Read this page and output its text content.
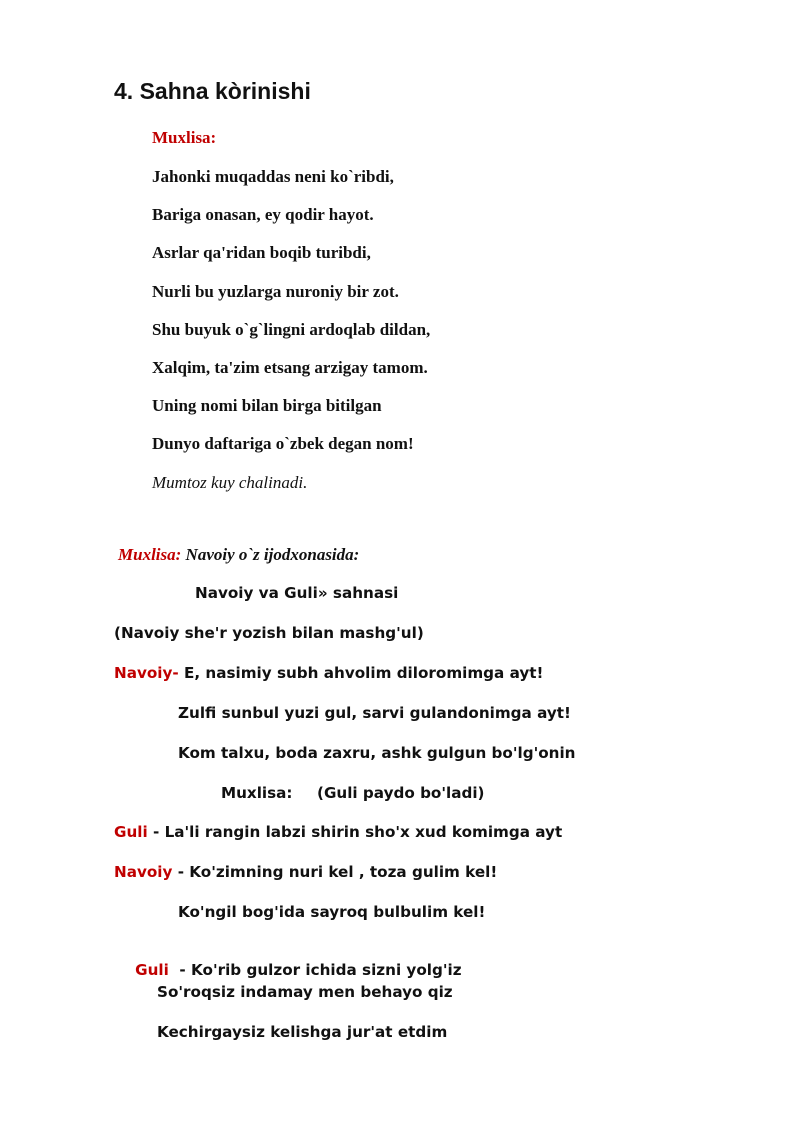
4. Sahna kòrinishi
Muxlisa:
Jahonki muqaddas neni ko`ribdi,
Bariga onasan, ey qodir hayot.
Asrlar qa'ridan boqib turibdi,
Nurli bu yuzlarga nuroniy bir zot.
Shu buyuk o`g`lingni ardoqlab dildan,
Xalqim, ta'zim etsang arzigay tamom.
Uning nomi bilan birga bitilgan
Dunyo daftariga o`zbek degan nom!
Mumtoz kuy chalinadi.
Muxlisa: Navoiy o`z ijodxonasida:
Navoiy va Guli» sahnasi
(Navoiy she'r yozish bilan mashg'ul)
Navoiy- E, nasimiy subh ahvolim diloromimga ayt!
Zulfi sunbul yuzi gul, sarvi gulandonimga ayt!
Kom talxu, boda zaxru, ashk gulgun bo'lg'onin
Muxlisa: (Guli paydo bo'ladi)
Guli - La'li rangin labzi shirin sho'x xud komimga ayt
Navoiy - Ko'zimning nuri kel , toza gulim kel!
Ko'ngil bog'ida sayroq bulbulim kel!

Guli  - Ko'rib gulzor ichida sizni yolg'iz

So'roqsiz indamay men behayo qiz
Kechirgaysiz kelishga jur'at etdim
